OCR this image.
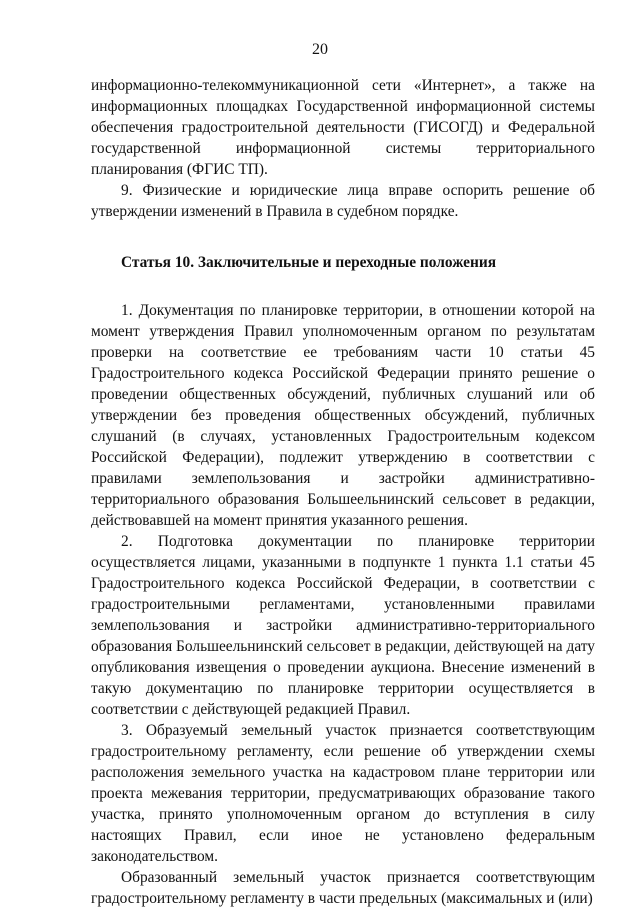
20

информационно-телекоммуникационной сети «Интернет», а также на информационных площадках Государственной информационной системы обеспечения градостроительной деятельности (ГИСОГД) и Федеральной государственной информационной системы территориального планирования (ФГИС ТП).

9. Физические и юридические лица вправе оспорить решение об утверждении изменений в Правила в судебном порядке.

Статья 10. Заключительные и переходные положения

1. Документация по планировке территории, в отношении которой на момент утверждения Правил уполномоченным органом по результатам проверки на соответствие ее требованиям части 10 статьи 45 Градостроительного кодекса Российской Федерации принято решение о проведении общественных обсуждений, публичных слушаний или об утверждении без проведения общественных обсуждений, публичных слушаний (в случаях, установленных Градостроительным кодексом Российской Федерации), подлежит утверждению в соответствии с правилами землепользования и застройки административно-территориального образования Большеельнинский сельсовет в редакции, действовавшей на момент принятия указанного решения.

2. Подготовка документации по планировке территории осуществляется лицами, указанными в подпункте 1 пункта 1.1 статьи 45 Градостроительного кодекса Российской Федерации, в соответствии с градостроительными регламентами, установленными правилами землепользования и застройки административно-территориального образования Большеельнинский сельсовет в редакции, действующей на дату опубликования извещения о проведении аукциона. Внесение изменений в такую документацию по планировке территории осуществляется в соответствии с действующей редакцией Правил.

3. Образуемый земельный участок признается соответствующим градостроительному регламенту, если решение об утверждении схемы расположения земельного участка на кадастровом плане территории или проекта межевания территории, предусматривающих образование такого участка, принято уполномоченным органом до вступления в силу настоящих Правил, если иное не установлено федеральным законодательством.

Образованный земельный участок признается соответствующим градостроительному регламенту в части предельных (максимальных и (или)
